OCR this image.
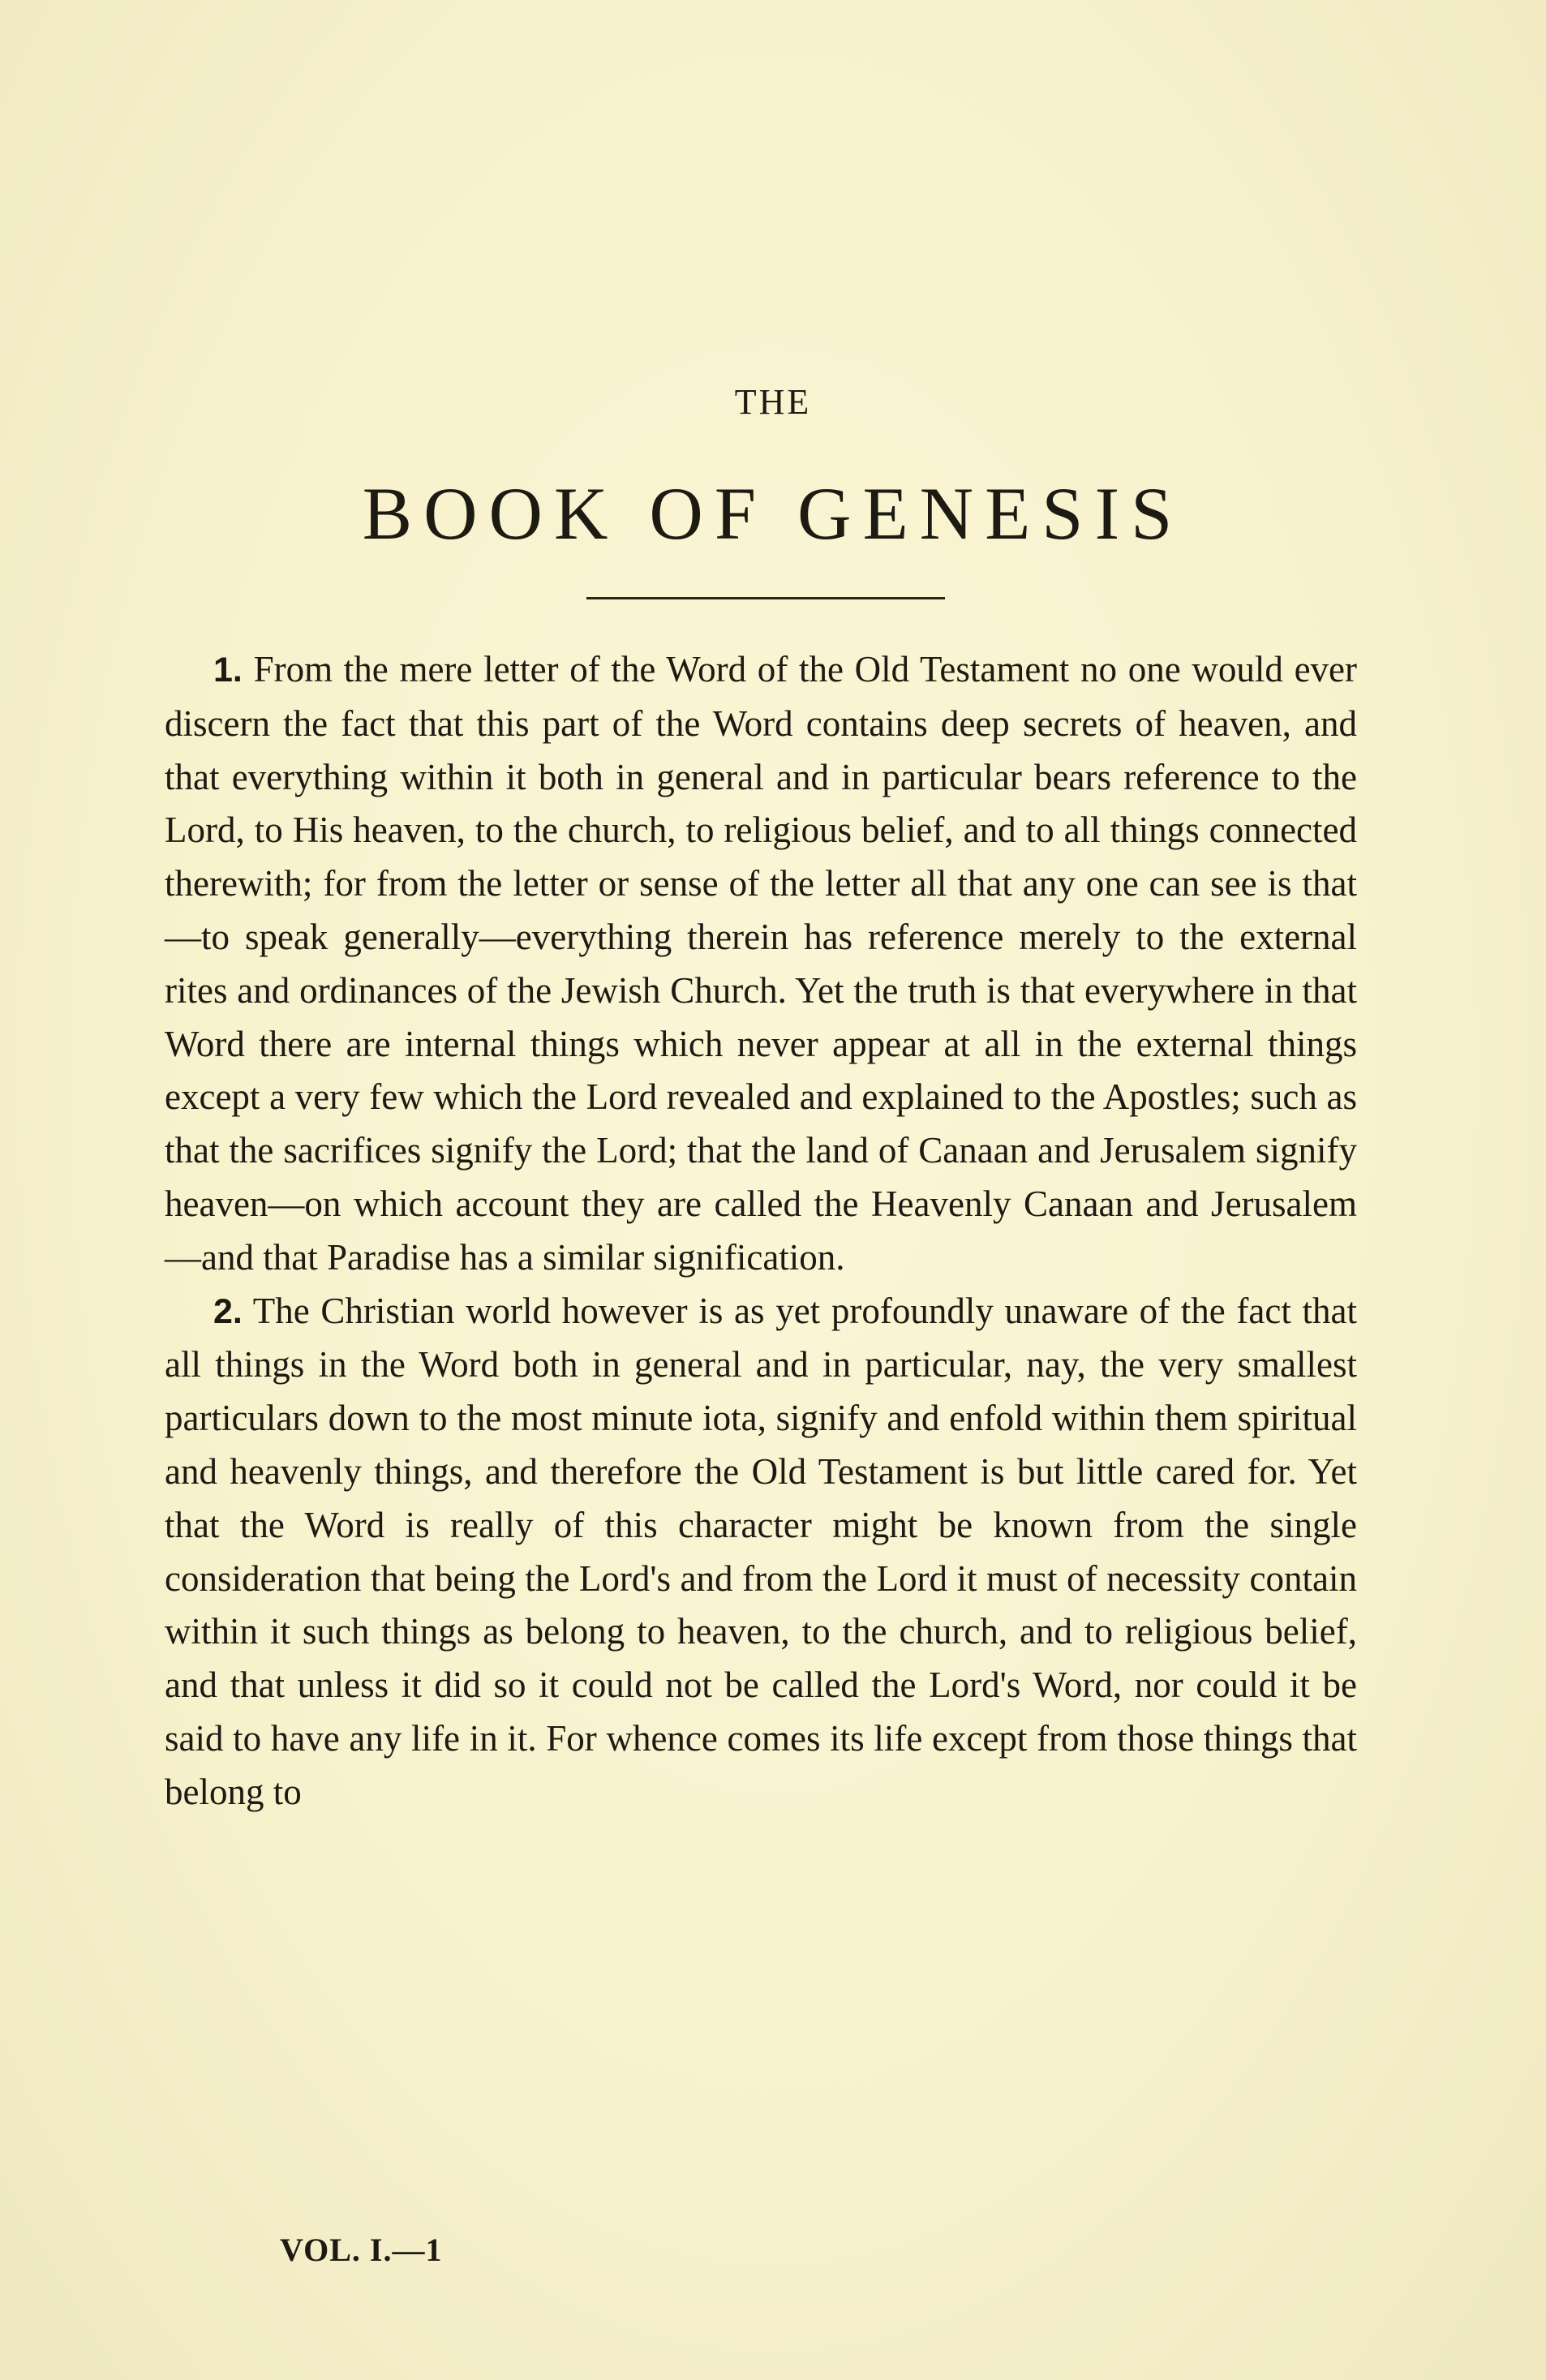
THE
BOOK OF GENESIS

1. From the mere letter of the Word of the Old Testament no one would ever discern the fact that this part of the Word contains deep secrets of heaven, and that everything within it both in general and in particular bears reference to the Lord, to His heaven, to the church, to religious belief, and to all things connected therewith; for from the letter or sense of the letter all that any one can see is that—to speak generally—everything therein has reference merely to the external rites and ordinances of the Jewish Church. Yet the truth is that everywhere in that Word there are internal things which never appear at all in the external things except a very few which the Lord revealed and explained to the Apostles; such as that the sacrifices signify the Lord; that the land of Canaan and Jerusalem signify heaven—on which account they are called the Heavenly Canaan and Jerusalem—and that Paradise has a similar signification.

2. The Christian world however is as yet profoundly unaware of the fact that all things in the Word both in general and in particular, nay, the very smallest particulars down to the most minute iota, signify and enfold within them spiritual and heavenly things, and therefore the Old Testament is but little cared for. Yet that the Word is really of this character might be known from the single consideration that being the Lord's and from the Lord it must of necessity contain within it such things as belong to heaven, to the church, and to religious belief, and that unless it did so it could not be called the Lord's Word, nor could it be said to have any life in it. For whence comes its life except from those things that belong to

VOL. I.—1
